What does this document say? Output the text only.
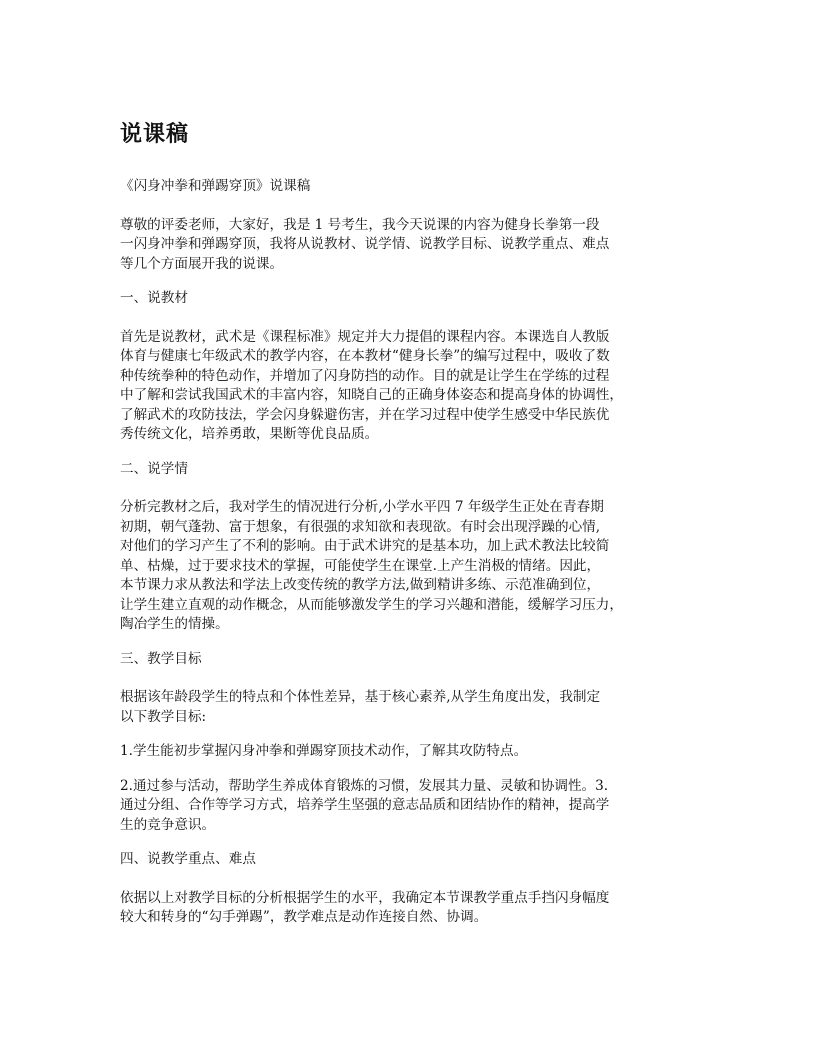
说课稿

《闪身冲拳和弹踢穿顶》说课稿

尊敬的评委老师，大家好，我是 1 号考生，我今天说课的内容为健身长拳第一段
一闪身冲拳和弹踢穿顶，我将从说教材、说学情、说教学目标、说教学重点、难点
等几个方面展开我的说课。

一、说教材

首先是说教材，武术是《课程标准》规定并大力提倡的课程内容。本课选自人教版
体育与健康七年级武术的教学内容，在本教材“健身长拳”的编写过程中，吸收了数
种传统拳种的特色动作，并增加了闪身防挡的动作。目的就是让学生在学练的过程
中了解和尝试我国武术的丰富内容，知晓自己的正确身体姿态和提高身体的协调性，
了解武术的攻防技法，学会闪身躲避伤害，并在学习过程中使学生感受中华民族优
秀传统文化，培养勇敢，果断等优良品质。

二、说学情

分析完教材之后，我对学生的情况进行分析,小学水平四 7 年级学生正处在青春期
初期，朝气蓬勃、富于想象，有很强的求知欲和表现欲。有时会出现浮躁的心情,
对他们的学习产生了不利的影响。由于武术讲究的是基本功，加上武术教法比较简
单、枯燥，过于要求技术的掌握，可能使学生在课堂.上产生消极的情绪。因此，
本节课力求从教法和学法上改变传统的教学方法,做到精讲多练、示范准确到位，
让学生建立直观的动作概念，从而能够激发学生的学习兴趣和潜能，缓解学习压力，
陶冶学生的情操。

三、教学目标

根据该年龄段学生的特点和个体性差异，基于核心素养,从学生角度出发，我制定
以下教学目标:

1.学生能初步掌握闪身冲拳和弹踢穿顶技术动作，了解其攻防特点。

2.通过参与活动，帮助学生养成体育锻炼的习惯，发展其力量、灵敏和协调性。3.
通过分组、合作等学习方式，培养学生坚强的意志品质和团结协作的精神，提高学
生的竞争意识。

四、说教学重点、难点

依据以上对教学目标的分析根据学生的水平，我确定本节课教学重点手挡闪身幅度
较大和转身的“勾手弹踢”，教学难点是动作连接自然、协调。
